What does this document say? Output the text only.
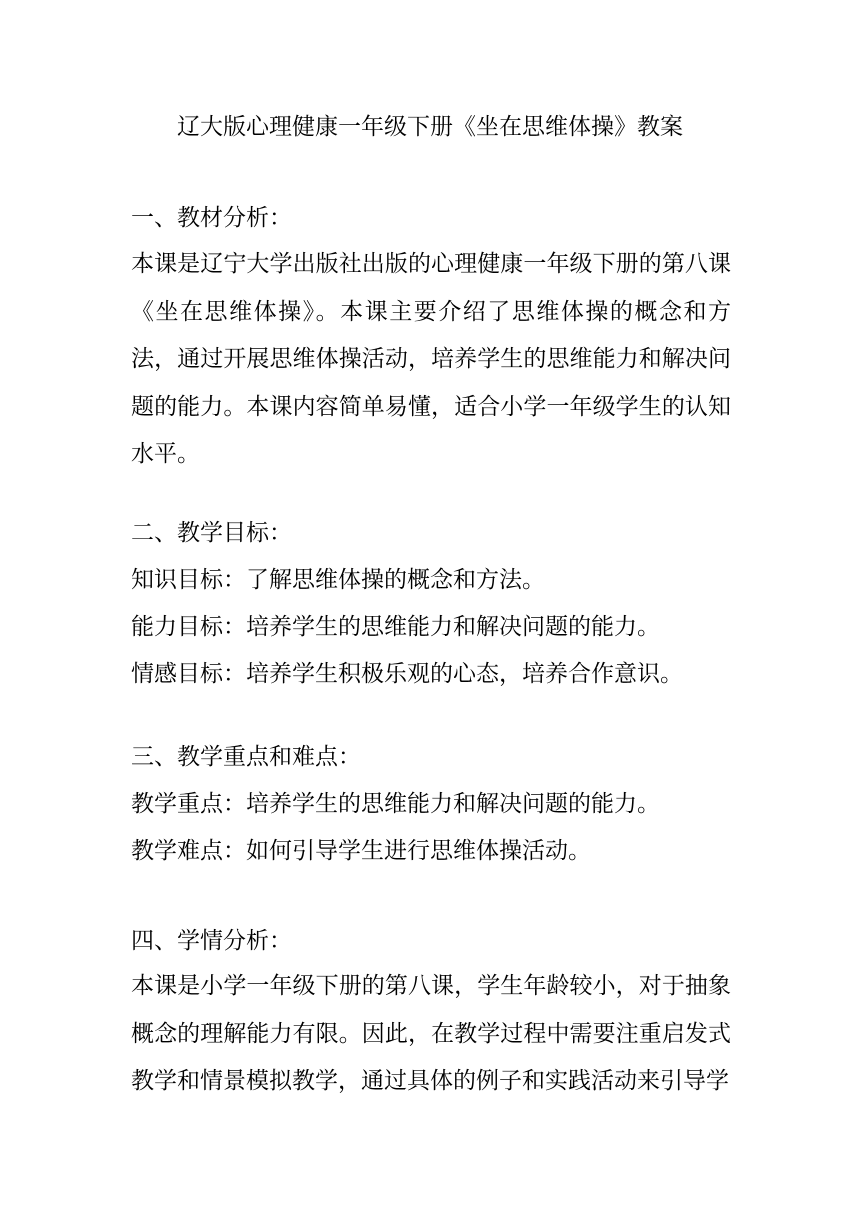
辽大版心理健康一年级下册《坐在思维体操》教案
一、教材分析：
本课是辽宁大学出版社出版的心理健康一年级下册的第八课《坐在思维体操》。本课主要介绍了思维体操的概念和方法，通过开展思维体操活动，培养学生的思维能力和解决问题的能力。本课内容简单易懂，适合小学一年级学生的认知水平。
二、教学目标：
知识目标：了解思维体操的概念和方法。
能力目标：培养学生的思维能力和解决问题的能力。
情感目标：培养学生积极乐观的心态，培养合作意识。
三、教学重点和难点：
教学重点：培养学生的思维能力和解决问题的能力。
教学难点：如何引导学生进行思维体操活动。
四、学情分析：
本课是小学一年级下册的第八课，学生年龄较小，对于抽象概念的理解能力有限。因此，在教学过程中需要注重启发式教学和情景模拟教学，通过具体的例子和实践活动来引导学
